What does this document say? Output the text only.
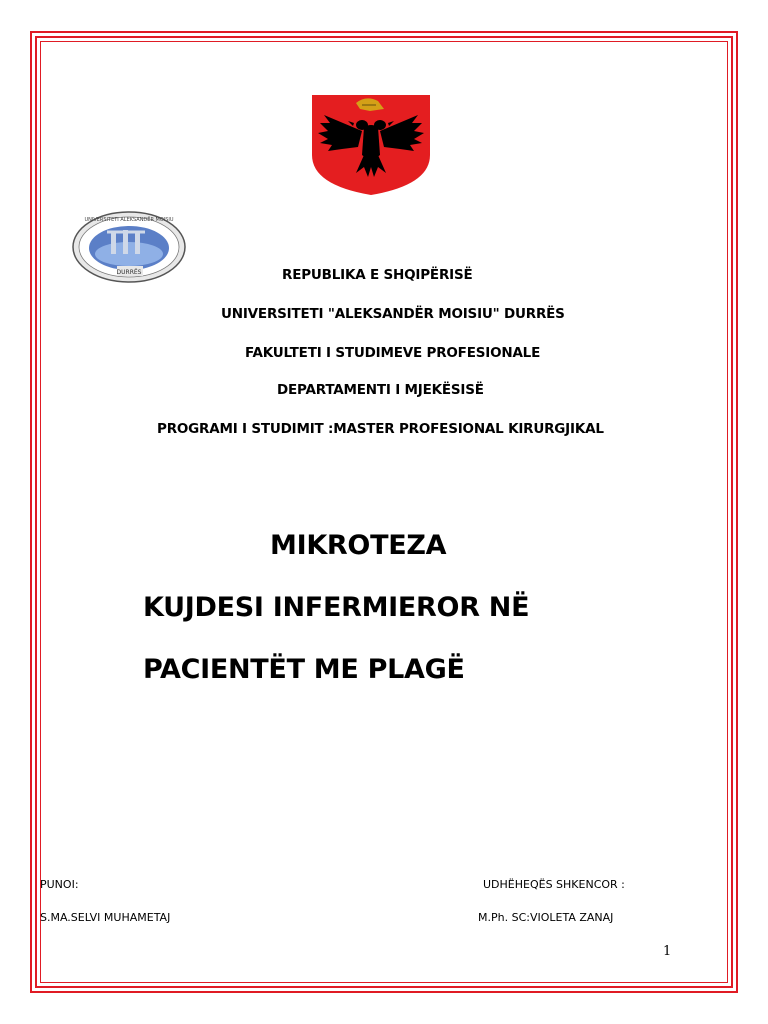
DURRËS
UNIVERSITETI ALEKSANDËR MOISIU
REPUBLIKA E SHQIPËRISË
UNIVERSITETI "ALEKSANDËR MOISIU" DURRËS
FAKULTETI I STUDIMEVE PROFESIONALE
DEPARTAMENTI I MJEKËSISË
PROGRAMI I STUDIMIT :MASTER PROFESIONAL KIRURGJIKAL
MIKROTEZA
KUJDESI INFERMIEROR NË
PACIENTËT ME PLAGË
PUNOI:
S.MA.SELVI MUHAMETAJ
UDHËHEQËS SHKENCOR :
M.Ph. SC:VIOLETA ZANAJ
1
